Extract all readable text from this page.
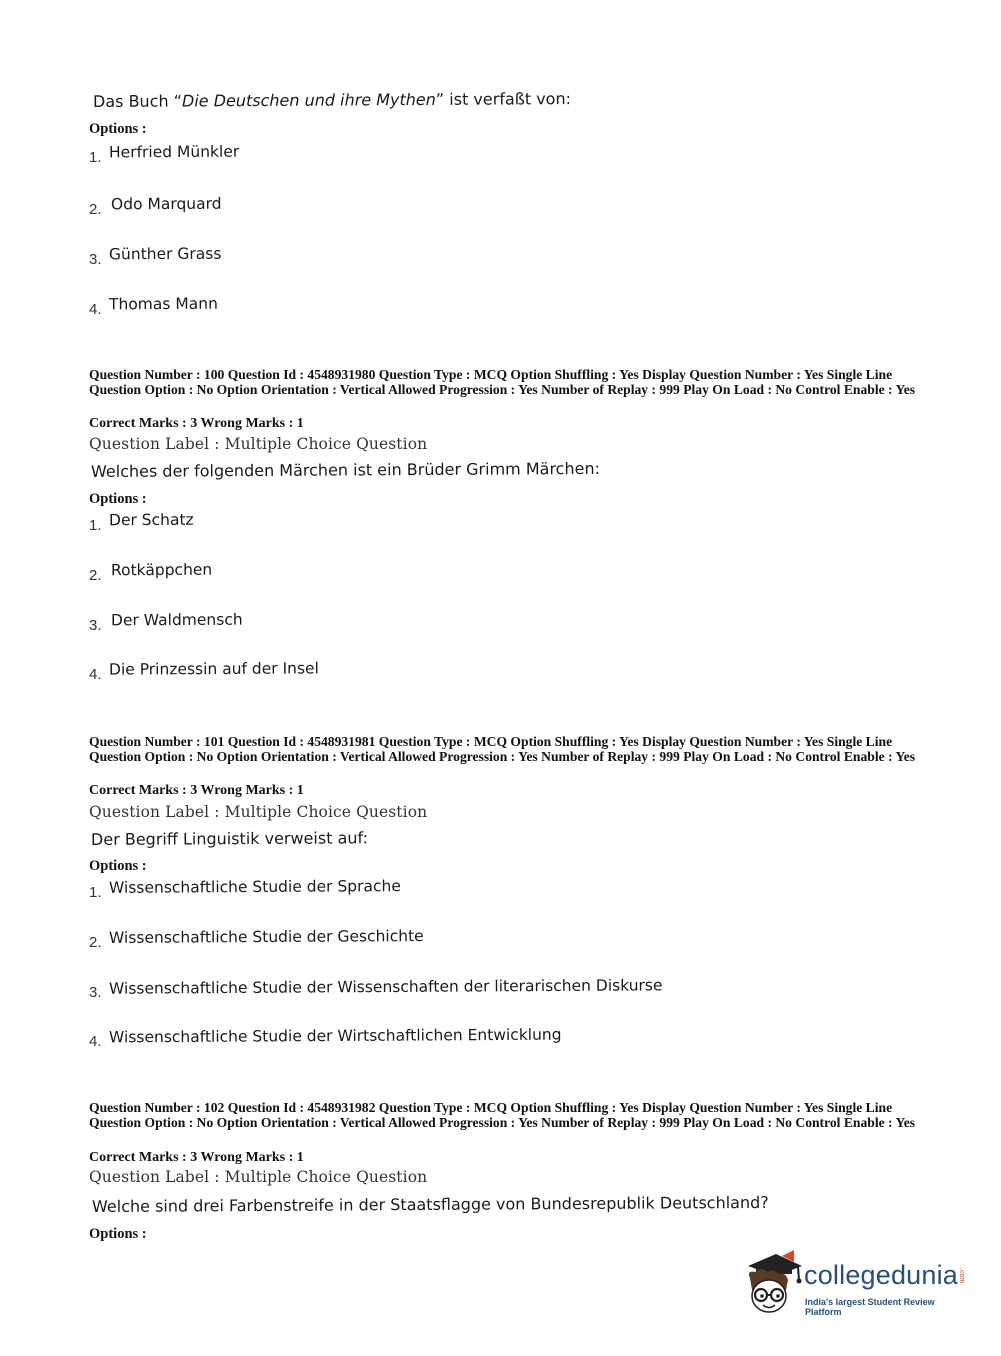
Das Buch “Die Deutschen und ihre Mythen” ist verfaßt von:
Options :
1. Herfried Münkler
2. Odo Marquard
3. Günther Grass
4. Thomas Mann
Question Number : 100 Question Id : 4548931980 Question Type : MCQ Option Shuffling : Yes Display Question Number : Yes Single Line Question Option : No Option Orientation : Vertical Allowed Progression : Yes Number of Replay : 999 Play On Load : No Control Enable : Yes
Correct Marks : 3 Wrong Marks : 1
Question Label : Multiple Choice Question
Welches der folgenden Märchen ist ein Brüder Grimm Märchen:
Options :
1. Der Schatz
2. Rotkäppchen
3. Der Waldmensch
4. Die Prinzessin auf der Insel
Question Number : 101 Question Id : 4548931981 Question Type : MCQ Option Shuffling : Yes Display Question Number : Yes Single Line Question Option : No Option Orientation : Vertical Allowed Progression : Yes Number of Replay : 999 Play On Load : No Control Enable : Yes
Correct Marks : 3 Wrong Marks : 1
Question Label : Multiple Choice Question
Der Begriff Linguistik verweist auf:
Options :
1. Wissenschaftliche Studie der Sprache
2. Wissenschaftliche Studie der Geschichte
3. Wissenschaftliche Studie der Wissenschaften der literarischen Diskurse
4. Wissenschaftliche Studie der Wirtschaftlichen Entwicklung
Question Number : 102 Question Id : 4548931982 Question Type : MCQ Option Shuffling : Yes Display Question Number : Yes Single Line Question Option : No Option Orientation : Vertical Allowed Progression : Yes Number of Replay : 999 Play On Load : No Control Enable : Yes
Correct Marks : 3 Wrong Marks : 1
Question Label : Multiple Choice Question
Welche sind drei Farbenstreife in der Staatsflagge von Bundesrepublik Deutschland?
Options :
collegedunia .com
India's largest Student Review Platform
